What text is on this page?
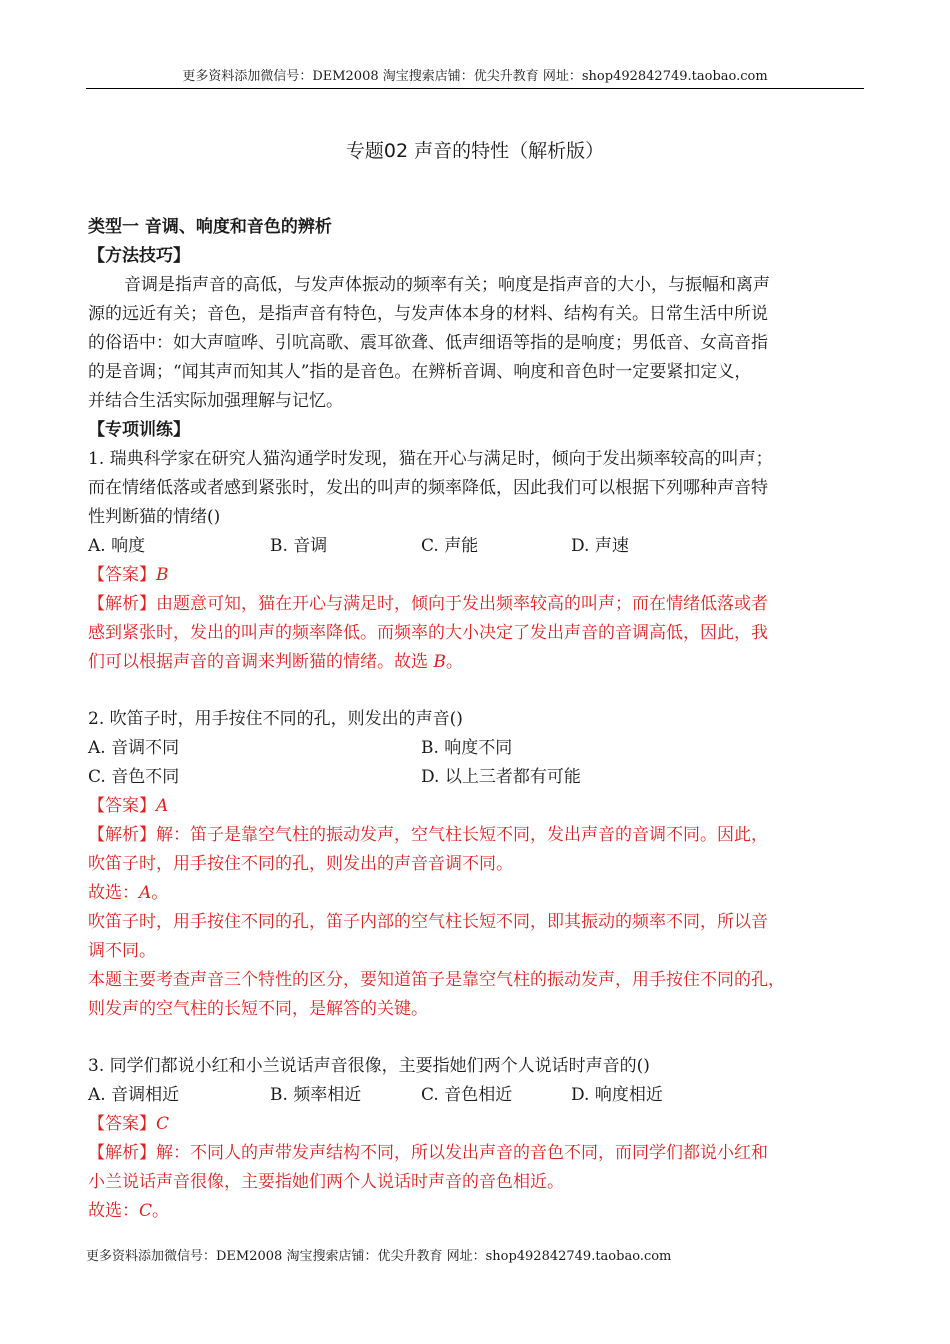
更多资料添加微信号：DEM2008 淘宝搜索店铺：优尖升教育 网址：shop492842749.taobao.com
专题02 声音的特性（解析版）
类型一 音调、响度和音色的辨析
【方法技巧】
音调是指声音的高低，与发声体振动的频率有关；响度是指声音的大小，与振幅和离声
源的远近有关；音色，是指声音有特色，与发声体本身的材料、结构有关。日常生活中所说
的俗语中：如大声喧哗、引吭高歌、震耳欲聋、低声细语等指的是响度；男低音、女高音指
的是音调；“闻其声而知其人”指的是音色。在辨析音调、响度和音色时一定要紧扣定义，
并结合生活实际加强理解与记忆。
【专项训练】
1. 瑞典科学家在研究人猫沟通学时发现，猫在开心与满足时，倾向于发出频率较高的叫声；
而在情绪低落或者感到紧张时，发出的叫声的频率降低，因此我们可以根据下列哪种声音特
性判断猫的情绪()
A. 响度	B. 音调	C. 声能	D. 声速
【答案】B
【解析】由题意可知，猫在开心与满足时，倾向于发出频率较高的叫声；而在情绪低落或者
感到紧张时，发出的叫声的频率降低。而频率的大小决定了发出声音的音调高低，因此，我
们可以根据声音的音调来判断猫的情绪。故选 B。
2. 吹笛子时，用手按住不同的孔，则发出的声音()
A. 音调不同	B. 响度不同
C. 音色不同	D. 以上三者都有可能
【答案】A
【解析】解：笛子是靠空气柱的振动发声，空气柱长短不同，发出声音的音调不同。因此，
吹笛子时，用手按住不同的孔，则发出的声音音调不同。
故选：A。
吹笛子时，用手按住不同的孔，笛子内部的空气柱长短不同，即其振动的频率不同，所以音
调不同。
本题主要考查声音三个特性的区分，要知道笛子是靠空气柱的振动发声，用手按住不同的孔，
则发声的空气柱的长短不同，是解答的关键。
3. 同学们都说小红和小兰说话声音很像，主要指她们两个人说话时声音的()
A. 音调相近	B. 频率相近	C. 音色相近	D. 响度相近
【答案】C
【解析】解：不同人的声带发声结构不同，所以发出声音的音色不同，而同学们都说小红和
小兰说话声音很像，主要指她们两个人说话时声音的音色相近。
故选：C。
更多资料添加微信号：DEM2008 淘宝搜索店铺：优尖升教育 网址：shop492842749.taobao.com
